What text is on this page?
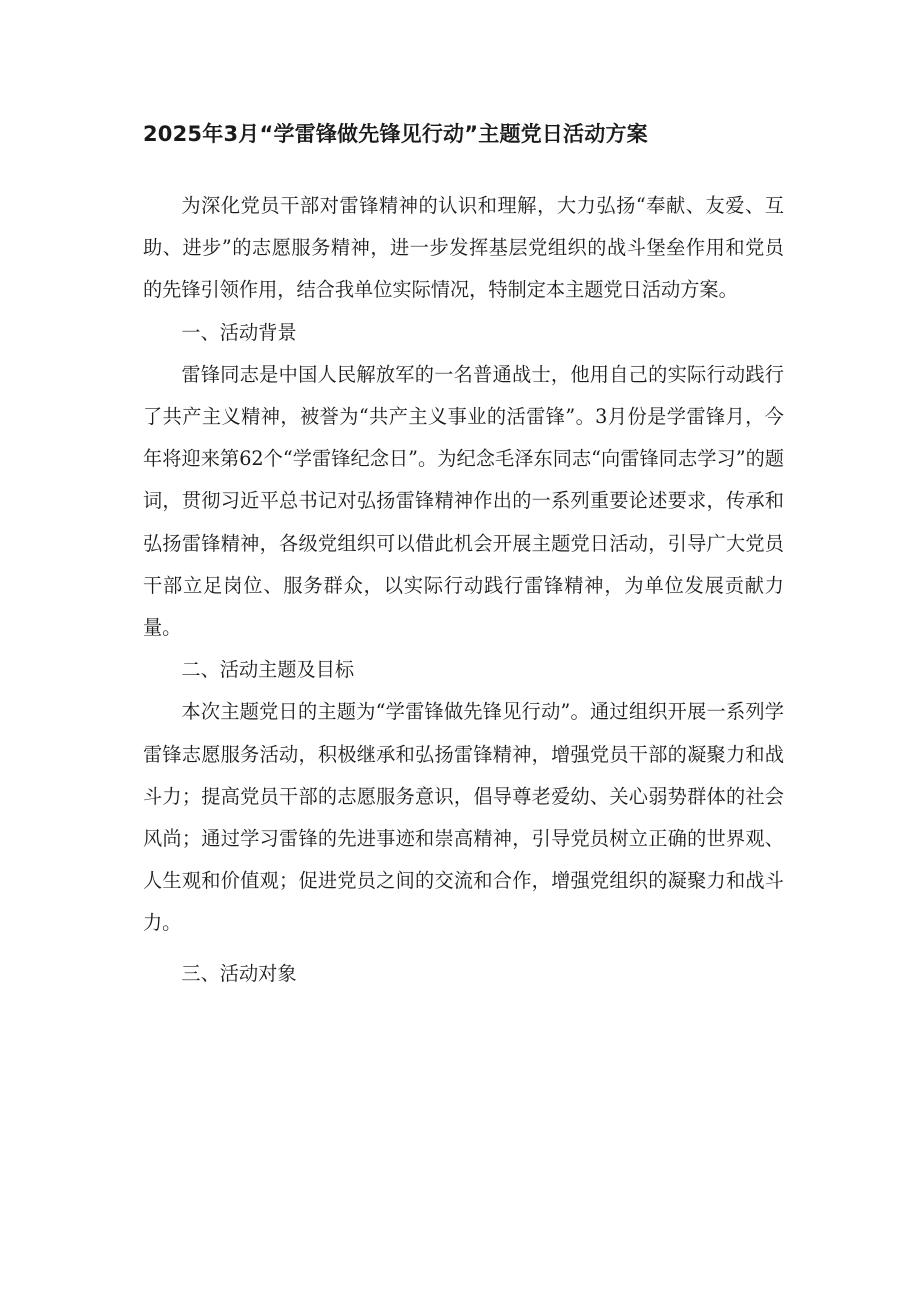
2025年3月“学雷锋做先锋见行动”主题党日活动方案

为深化党员干部对雷锋精神的认识和理解，大力弘扬“奉献、友爱、互助、进步”的志愿服务精神，进一步发挥基层党组织的战斗堡垒作用和党员的先锋引领作用，结合我单位实际情况，特制定本主题党日活动方案。

一、活动背景

雷锋同志是中国人民解放军的一名普通战士，他用自己的实际行动践行了共产主义精神，被誉为“共产主义事业的活雷锋”。3月份是学雷锋月，今年将迎来第62个“学雷锋纪念日”。为纪念毛泽东同志“向雷锋同志学习”的题词，贯彻习近平总书记对弘扬雷锋精神作出的一系列重要论述要求，传承和弘扬雷锋精神，各级党组织可以借此机会开展主题党日活动，引导广大党员干部立足岗位、服务群众，以实际行动践行雷锋精神，为单位发展贡献力量。

二、活动主题及目标

本次主题党日的主题为“学雷锋做先锋见行动”。通过组织开展一系列学雷锋志愿服务活动，积极继承和弘扬雷锋精神，增强党员干部的凝聚力和战斗力；提高党员干部的志愿服务意识，倡导尊老爱幼、关心弱势群体的社会风尚；通过学习雷锋的先进事迹和崇高精神，引导党员树立正确的世界观、人生观和价值观；促进党员之间的交流和合作，增强党组织的凝聚力和战斗力。

三、活动对象
